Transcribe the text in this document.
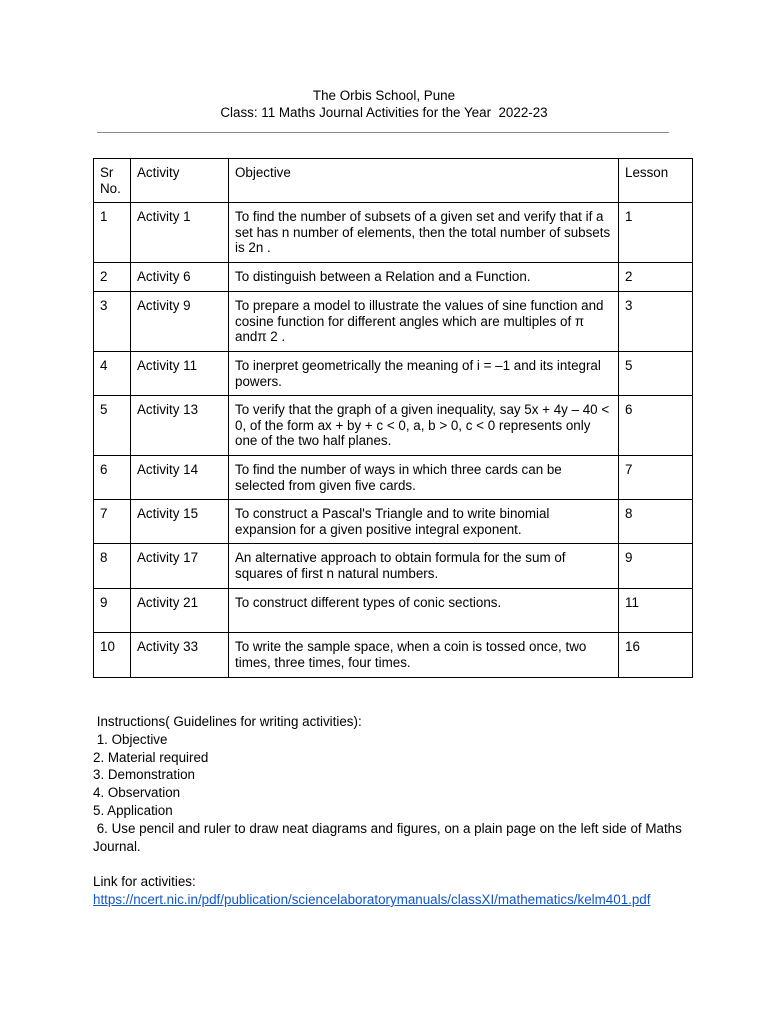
The Orbis School, Pune
Class: 11 Maths Journal Activities for the Year  2022-23
Sr No.	Activity	Objective	Lesson
1	Activity 1	To find the number of subsets of a given set and verify that if a set has n number of elements, then the total number of subsets is 2n .	1
2	Activity 6	To distinguish between a Relation and a Function.	2
3	Activity 9	To prepare a model to illustrate the values of sine function and cosine function for different angles which are multiples of π andπ 2 .	3
4	Activity 11	To inerpret geometrically the meaning of i = –1 and its integral powers.	5
5	Activity 13	To verify that the graph of a given inequality, say 5x + 4y – 40 < 0, of the form ax + by + c < 0, a, b > 0, c < 0 represents only one of the two half planes.	6
6	Activity 14	To find the number of ways in which three cards can be selected from given five cards.	7
7	Activity 15	To construct a Pascal's Triangle and to write binomial expansion for a given positive integral exponent.	8
8	Activity 17	An alternative approach to obtain formula for the sum of squares of first n natural numbers.	9
9	Activity 21	To construct different types of conic sections.	11
10	Activity 33	To write the sample space, when a coin is tossed once, two times, three times, four times.	16
Instructions( Guidelines for writing activities):
1. Objective
2. Material required
3. Demonstration
4. Observation
5. Application
6. Use pencil and ruler to draw neat diagrams and figures, on a plain page on the left side of Maths Journal.
Link for activities:
https://ncert.nic.in/pdf/publication/sciencelaboratorymanuals/classXI/mathematics/kelm401.pdf
